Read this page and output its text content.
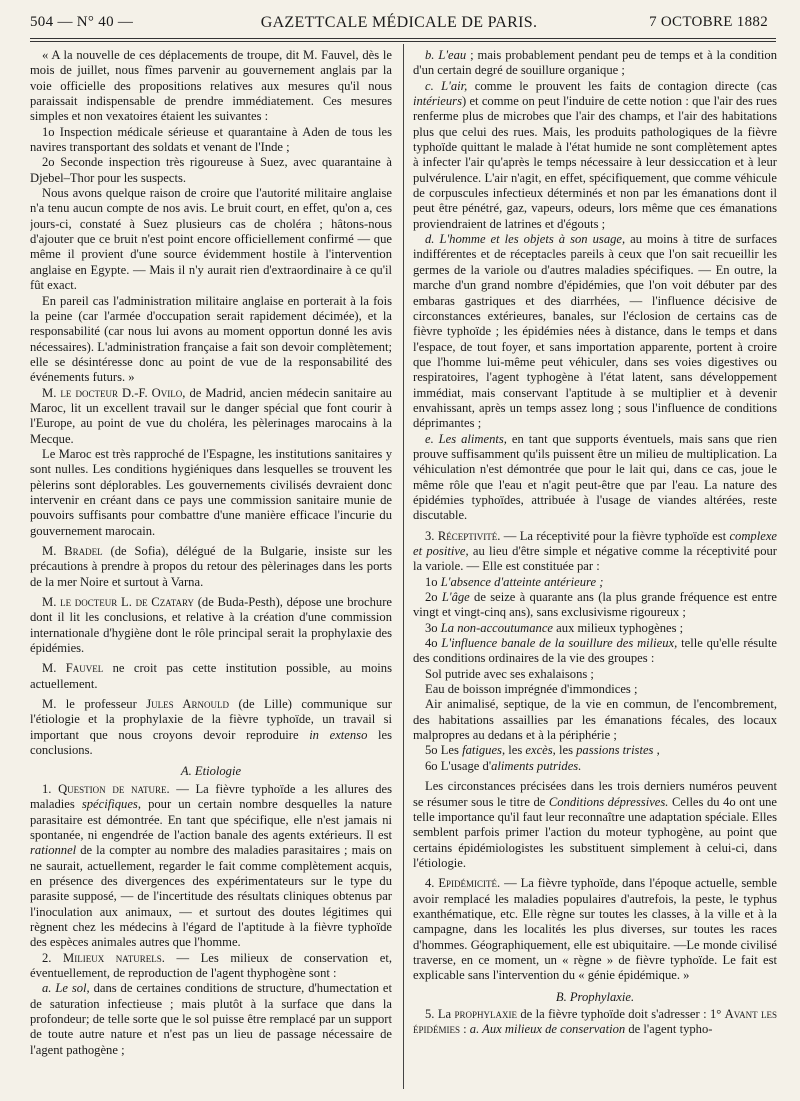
504 — N° 40 —	GAZETTCALE MÉDICALE DE PARIS.	7 OCTOBRE 1882

« A la nouvelle de ces déplacements de troupe, dit M. Fauvel, dès le mois de juillet, nous fîmes parvenir au gouvernement anglais par la voie officielle des propositions relatives aux mesures qu'il nous paraissait indispensable de prendre immédiatement. Ces mesures simples et non vexatoires étaient les suivantes :

1o Inspection médicale sérieuse et quarantaine à Aden de tous les navires transportant des soldats et venant de l'Inde ;

2o Seconde inspection très rigoureuse à Suez, avec quarantaine à Djebel–Thor pour les suspects.

Nous avons quelque raison de croire que l'autorité militaire anglaise n'a tenu aucun compte de nos avis. Le bruit court, en effet, qu'on a, ces jours-ci, constaté à Suez plusieurs cas de choléra ; hâtons-nous d'ajouter que ce bruit n'est point encore officiellement confirmé — que même il provient d'une source évidemment hostile à l'intervention anglaise en Egypte. — Mais il n'y aurait rien d'extraordinaire à ce qu'il fût exact.

En pareil cas l'administration militaire anglaise en porterait à la fois la peine (car l'armée d'occupation serait rapidement décimée), et la responsabilité (car nous lui avons au moment opportun donné les avis nécessaires). L'administration française a fait son devoir complètement; elle se désintéresse donc au point de vue de la responsabilité des événements futurs. »

M. le docteur D.-F. Ovilo, de Madrid, ancien médecin sanitaire au Maroc, lit un excellent travail sur le danger spécial que font courir à l'Europe, au point de vue du choléra, les pèlerinages marocains à la Mecque.

Le Maroc est très rapproché de l'Espagne, les institutions sanitaires y sont nulles. Les conditions hygiéniques dans lesquelles se trouvent les pèlerins sont déplorables. Les gouvernements civilisés devraient donc intervenir en créant dans ce pays une commission sanitaire munie de pouvoirs suffisants pour combattre d'une manière efficace l'incurie du gouvernement marocain.

M. Bradel (de Sofia), délégué de la Bulgarie, insiste sur les précautions à prendre à propos du retour des pèlerinages dans les ports de la mer Noire et surtout à Varna.

M. le docteur L. de Czatary (de Buda-Pesth), dépose une brochure dont il lit les conclusions, et relative à la création d'une commission internationale d'hygiène dont le rôle principal serait la prophylaxie des épidémies.

M. Fauvel ne croit pas cette institution possible, au moins actuellement.

M. le professeur Jules Arnould (de Lille) communique sur l'étiologie et la prophylaxie de la fièvre typhoïde, un travail si important que nous croyons devoir reproduire in extenso les conclusions.

A. Etiologie

1. Question de nature. — La fièvre typhoïde a les allures des maladies spécifiques, pour un certain nombre desquelles la nature parasitaire est démontrée. En tant que spécifique, elle n'est jamais ni spontanée, ni engendrée de l'action banale des agents extérieurs. Il est rationnel de la compter au nombre des maladies parasitaires ; mais on ne saurait, actuellement, regarder le fait comme complètement acquis, en présence des divergences des expérimentateurs sur le type du parasite supposé, — de l'incertitude des résultats cliniques obtenus par l'inoculation aux animaux, — et surtout des doutes légitimes qui règnent chez les médecins à l'égard de l'aptitude à la fièvre typhoïde des espèces animales autres que l'homme.

2. Milieux naturels. — Les milieux de conservation et, éventuellement, de reproduction de l'agent thyphogène sont :

a. Le sol, dans de certaines conditions de structure, d'humectation et de saturation infectieuse ; mais plutôt à la surface que dans la profondeur; de telle sorte que le sol puisse être remplacé par un support de toute autre nature et n'est pas un lieu de passage nécessaire de l'agent pathogène ;

b. L'eau ; mais probablement pendant peu de temps et à la condition d'un certain degré de souillure organique ;

c. L'air, comme le prouvent les faits de contagion directe (cas intérieurs) et comme on peut l'induire de cette notion : que l'air des rues renferme plus de microbes que l'air des champs, et l'air des habitations plus que celui des rues. Mais, les produits pathologiques de la fièvre typhoïde quittant le malade à l'état humide ne sont complètement aptes à infecter l'air qu'après le temps nécessaire à leur dessiccation et à leur pulvérulence. L'air n'agit, en effet, spécifiquement, que comme véhicule de corpuscules infectieux déterminés et non par les émanations dont il peut être pénétré, gaz, vapeurs, odeurs, lors même que ces émanations proviendraient de latrines et d'égouts ;

d. L'homme et les objets à son usage, au moins à titre de surfaces indifférentes et de réceptacles pareils à ceux que l'on sait recueillir les germes de la variole ou d'autres maladies spécifiques. — En outre, la marche d'un grand nombre d'épidémies, que l'on voit débuter par des embaras gastriques et des diarrhées, — l'influence décisive de circonstances extérieures, banales, sur l'éclosion de certains cas de fièvre typhoïde ; les épidémies nées à distance, dans le temps et dans l'espace, de tout foyer, et sans importation apparente, portent à croire que l'homme lui-même peut véhiculer, dans ses voies digestives ou respiratoires, l'agent typhogène à l'état latent, sans développement immédiat, mais conservant l'aptitude à se multiplier et à devenir envahissant, après un temps assez long ; sous l'influence de conditions déprimantes ;

e. Les aliments, en tant que supports éventuels, mais sans que rien prouve suffisamment qu'ils puissent être un milieu de multiplication. La véhiculation n'est démontrée que pour le lait qui, dans ce cas, joue le même rôle que l'eau et n'agit peut-être que par l'eau. La nature des épidémies typhoïdes, attribuée à l'usage de viandes altérées, reste discutable.

3. Réceptivité. — La réceptivité pour la fièvre typhoïde est complexe et positive, au lieu d'être simple et négative comme la réceptivité pour la variole. — Elle est constituée par :

1o L'absence d'atteinte antérieure ;

2o L'âge de seize à quarante ans (la plus grande fréquence est entre vingt et vingt-cinq ans), sans exclusivisme rigoureux ;

3o La non-accoutumance aux milieux typhogènes ;

4o L'influence banale de la souillure des milieux, telle qu'elle résulte des conditions ordinaires de la vie des groupes :

Sol putride avec ses exhalaisons ;

Eau de boisson imprégnée d'immondices ;

Air animalisé, septique, de la vie en commun, de l'encombrement, des habitations assaillies par les émanations fécales, des locaux malpropres au dedans et à la périphérie ;

5o Les fatigues, les excès, les passions tristes ,

6o L'usage d'aliments putrides.

Les circonstances précisées dans les trois derniers numéros peuvent se résumer sous le titre de Conditions dépressives. Celles du 4o ont une telle importance qu'il faut leur reconnaître une adaptation spéciale. Elles semblent parfois primer l'action du moteur typhogène, au point que certains épidémiologistes les substituent simplement à celui-ci, dans l'étiologie.

4. Epidémicité. — La fièvre typhoïde, dans l'époque actuelle, semble avoir remplacé les maladies populaires d'autrefois, la peste, le typhus exanthématique, etc. Elle règne sur toutes les classes, à la ville et à la campagne, dans les localités les plus diverses, sur toutes les races d'hommes. Géographiquement, elle est ubiquitaire. —Le monde civilisé traverse, en ce moment, un « règne » de fièvre typhoïde. Le fait est explicable sans l'intervention du « génie épidémique. »

B. Prophylaxie.

5. La prophylaxie de la fièvre typhoïde doit s'adresser : 1° Avant les épidémies : a. Aux milieux de conservation de l'agent typho-
